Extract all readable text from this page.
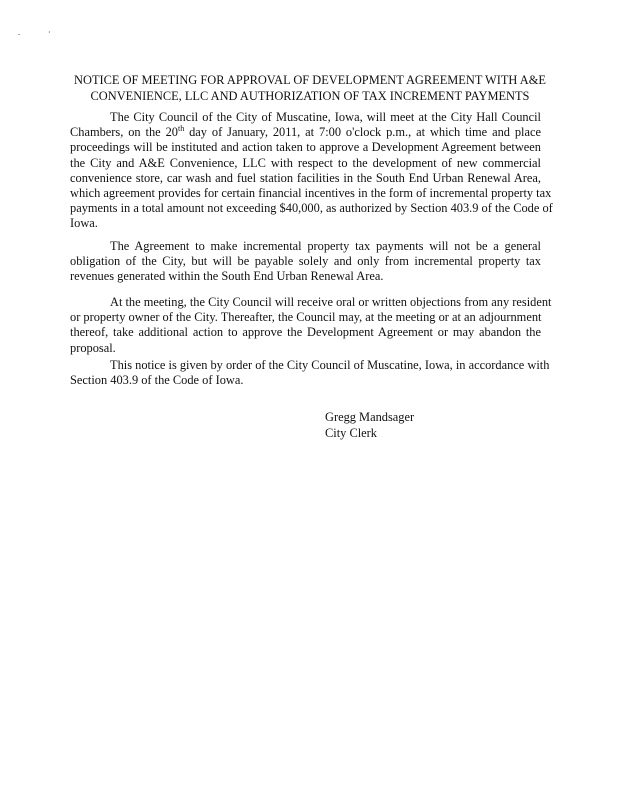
.·
NOTICE OF MEETING FOR APPROVAL OF DEVELOPMENT AGREEMENT WITH A&E
CONVENIENCE, LLC AND AUTHORIZATION OF TAX INCREMENT PAYMENTS
The City Council of the City of Muscatine, Iowa, will meet at the City Hall Council
Chambers, on the 20th day of January, 2011, at 7:00 o'clock p.m., at which time and place
proceedings will be instituted and action taken to approve a Development Agreement between
the City and A&E Convenience, LLC with respect to the development of new commercial
convenience store, car wash and fuel station facilities in the South End Urban Renewal Area,
which agreement provides for certain financial incentives in the form of incremental property tax
payments in a total amount not exceeding $40,000, as authorized by Section 403.9 of the Code of
Iowa.
The Agreement to make incremental property tax payments will not be a general
obligation of the City, but will be payable solely and only from incremental property tax
revenues generated within the South End Urban Renewal Area.
At the meeting, the City Council will receive oral or written objections from any resident
or property owner of the City. Thereafter, the Council may, at the meeting or at an adjournment
thereof, take additional action to approve the Development Agreement or may abandon the
proposal.
This notice is given by order of the City Council of Muscatine, Iowa, in accordance with
Section 403.9 of the Code of Iowa.
Gregg Mandsager
City Clerk
